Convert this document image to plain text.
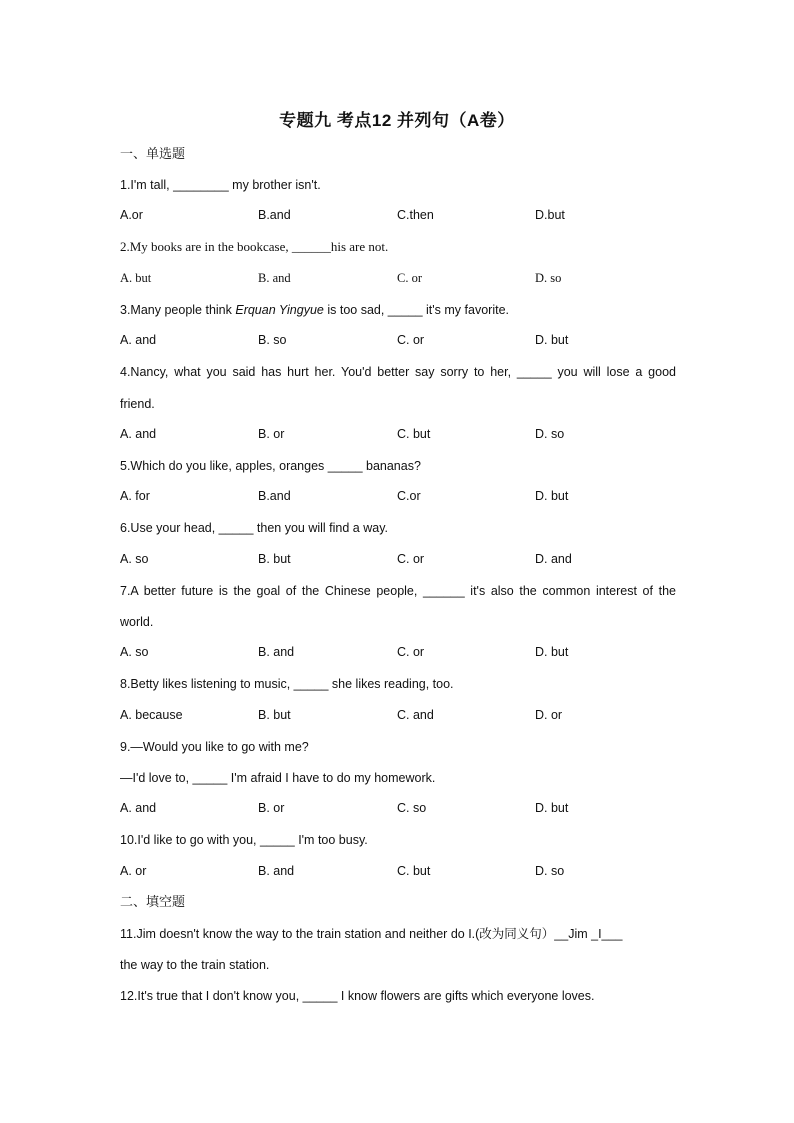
专题九 考点12 并列句（A卷）
一、单选题
1.I'm tall, ________ my brother isn't.
A.or	B.and	C.then	D.but
2.My books are in the bookcase, ______his are not.
A. but	B. and	C. or	D. so
3.Many people think Erquan Yingyue is too sad, _____ it's my favorite.
A. and	B. so	C. or	D. but
4.Nancy, what you said has hurt her. You'd better say sorry to her, _____ you will lose a good
friend.
A. and	B. or	C. but	D. so
5.Which do you like, apples, oranges _____ bananas?
A. for	B.and	C.or	D. but
6.Use your head, _____ then you will find a way.
A. so	B. but	C. or	D. and
7.A better future is the goal of the Chinese people, ______ it's also the common interest of the
world.
A. so	B. and	C. or	D. but
8.Betty likes listening to music, _____ she likes reading, too.
A. because	B. but	C. and	D. or
9.—Would you like to go with me?
—I'd love to, _____ I'm afraid I have to do my homework.
A. and	B. or	C. so	D. but
10.I'd like to go with you, _____ I'm too busy.
A. or	B. and	C. but	D. so
二、填空题
11.Jim doesn't know the way to the train station and neither do I.(改为同义句）__Jim _I___
the way to the train station.
12.It's true that I don't know you, _____ I know flowers are gifts which everyone loves.
